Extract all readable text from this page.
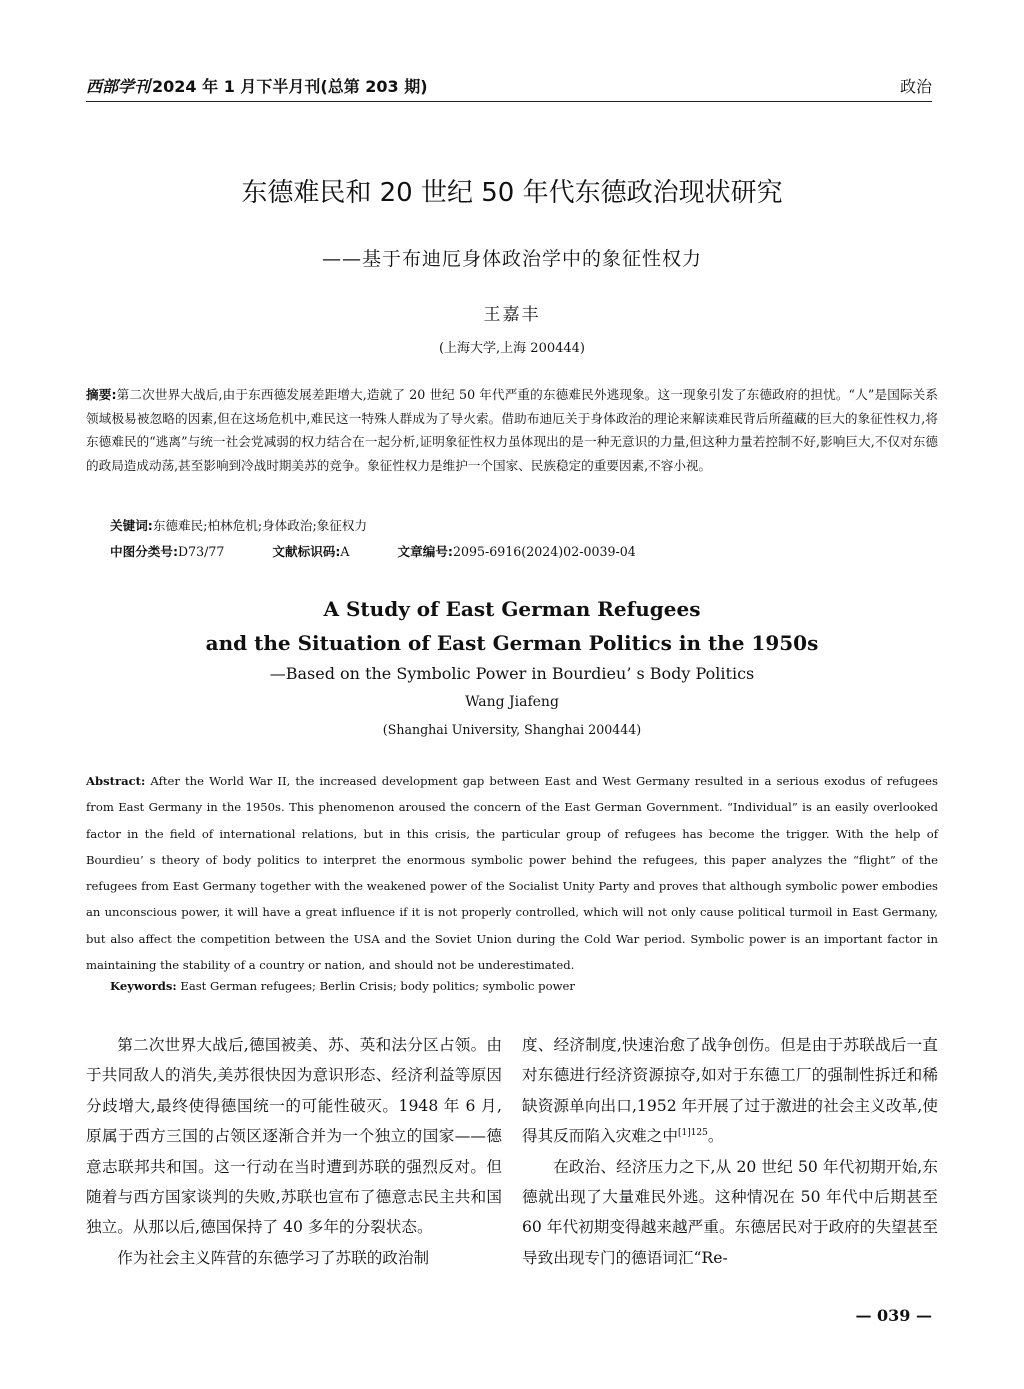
西部学刊 2024 年 1 月下半月刊(总第 203 期)	政治
东德难民和 20 世纪 50 年代东德政治现状研究
——基于布迪厄身体政治学中的象征性权力
王嘉丰
(上海大学,上海 200444)
摘要:第二次世界大战后,由于东西德发展差距增大,造就了 20 世纪 50 年代严重的东德难民外逃现象。这一现象引发了东德政府的担忧。“人”是国际关系领域极易被忽略的因素,但在这场危机中,难民这一特殊人群成为了导火索。借助布迪厄关于身体政治的理论来解读难民背后所蕴藏的巨大的象征性权力,将东德难民的“逃离”与统一社会党减弱的权力结合在一起分析,证明象征性权力虽体现出的是一种无意识的力量,但这种力量若控制不好,影响巨大,不仅对东德的政局造成动荡,甚至影响到冷战时期美苏的竞争。象征性权力是维护一个国家、民族稳定的重要因素,不容小视。
关键词:东德难民;柏林危机;身体政治;象征权力
中图分类号:D73/77	文献标识码:A	文章编号:2095-6916(2024)02-0039-04
A Study of East German Refugees
and the Situation of East German Politics in the 1950s
—Based on the Symbolic Power in Bourdieu’ s Body Politics
Wang Jiafeng
(Shanghai University, Shanghai 200444)
Abstract: After the World War II, the increased development gap between East and West Germany resulted in a serious exodus of refugees from East Germany in the 1950s. This phenomenon aroused the concern of the East German Government. “Individual” is an easily overlooked factor in the field of international relations, but in this crisis, the particular group of refugees has become the trigger. With the help of Bourdieu’ s theory of body politics to interpret the enormous symbolic power behind the refugees, this paper analyzes the “flight” of the refugees from East Germany together with the weakened power of the Socialist Unity Party and proves that although symbolic power embodies an unconscious power, it will have a great influence if it is not properly controlled, which will not only cause political turmoil in East Germany, but also affect the competition between the USA and the Soviet Union during the Cold War period. Symbolic power is an important factor in maintaining the stability of a country or nation, and should not be underestimated.
Keywords: East German refugees; Berlin Crisis; body politics; symbolic power

第二次世界大战后,德国被美、苏、英和法分区占领。由于共同敌人的消失,美苏很快因为意识形态、经济利益等原因分歧增大,最终使得德国统一的可能性破灭。1948 年 6 月,原属于西方三国的占领区逐渐合并为一个独立的国家——德意志联邦共和国。这一行动在当时遭到苏联的强烈反对。但随着与西方国家谈判的失败,苏联也宣布了德意志民主共和国独立。从那以后,德国保持了 40 多年的分裂状态。

作为社会主义阵营的东德学习了苏联的政治制

度、经济制度,快速治愈了战争创伤。但是由于苏联战后一直对东德进行经济资源掠夺,如对于东德工厂的强制性拆迁和稀缺资源单向出口,1952 年开展了过于激进的社会主义改革,使得其反而陷入灾难之中$^{[1]125}$。

在政治、经济压力之下,从 20 世纪 50 年代初期开始,东德就出现了大量难民外逃。这种情况在 50 年代中后期甚至 60 年代初期变得越来越严重。东德居民对于政府的失望甚至导致出现专门的德语词汇“Re-

— 039 —
